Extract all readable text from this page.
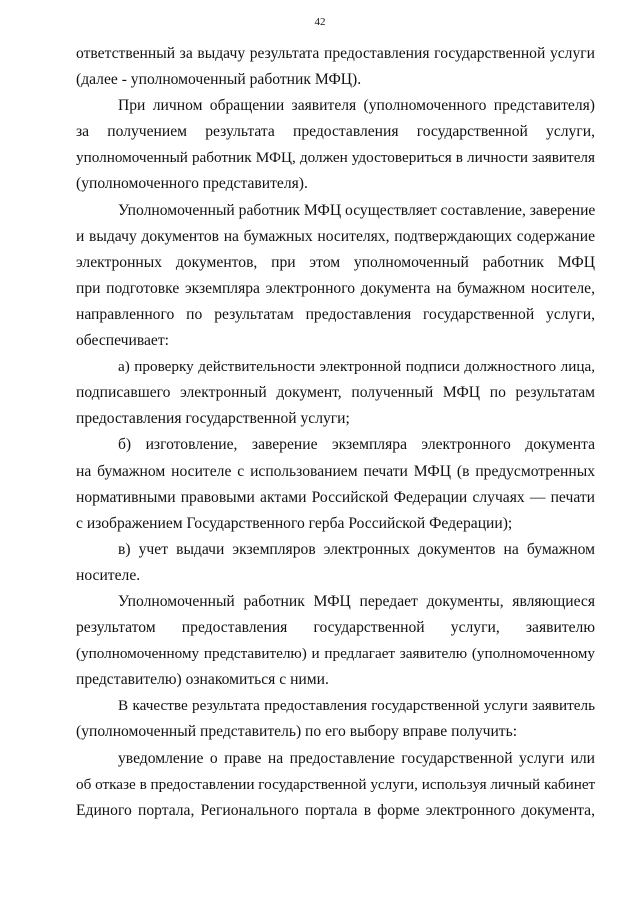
42
ответственный за выдачу результата предоставления государственной услуги
(далее - уполномоченный работник МФЦ).
При личном обращении заявителя (уполномоченного представителя)
за получением результата предоставления государственной услуги,
уполномоченный работник МФЦ, должен удостовериться в личности заявителя
(уполномоченного представителя).
Уполномоченный работник МФЦ осуществляет составление, заверение
и выдачу документов на бумажных носителях, подтверждающих содержание
электронных документов, при этом уполномоченный работник МФЦ
при подготовке экземпляра электронного документа на бумажном носителе,
направленного по результатам предоставления государственной услуги,
обеспечивает:
а) проверку действительности электронной подписи должностного лица,
подписавшего электронный документ, полученный МФЦ по результатам
предоставления государственной услуги;
б) изготовление, заверение экземпляра электронного документа
на бумажном носителе с использованием печати МФЦ (в предусмотренных
нормативными правовыми актами Российской Федерации случаях — печати
с изображением Государственного герба Российской Федерации);
в) учет выдачи экземпляров электронных документов на бумажном
носителе.
Уполномоченный работник МФЦ передает документы, являющиеся
результатом предоставления государственной услуги, заявителю
(уполномоченному представителю) и предлагает заявителю (уполномоченному
представителю) ознакомиться с ними.
В качестве результата предоставления государственной услуги заявитель
(уполномоченный представитель) по его выбору вправе получить:
уведомление о праве на предоставление государственной услуги или
об отказе в предоставлении государственной услуги, используя личный кабинет
Единого портала, Регионального портала в форме электронного документа,
